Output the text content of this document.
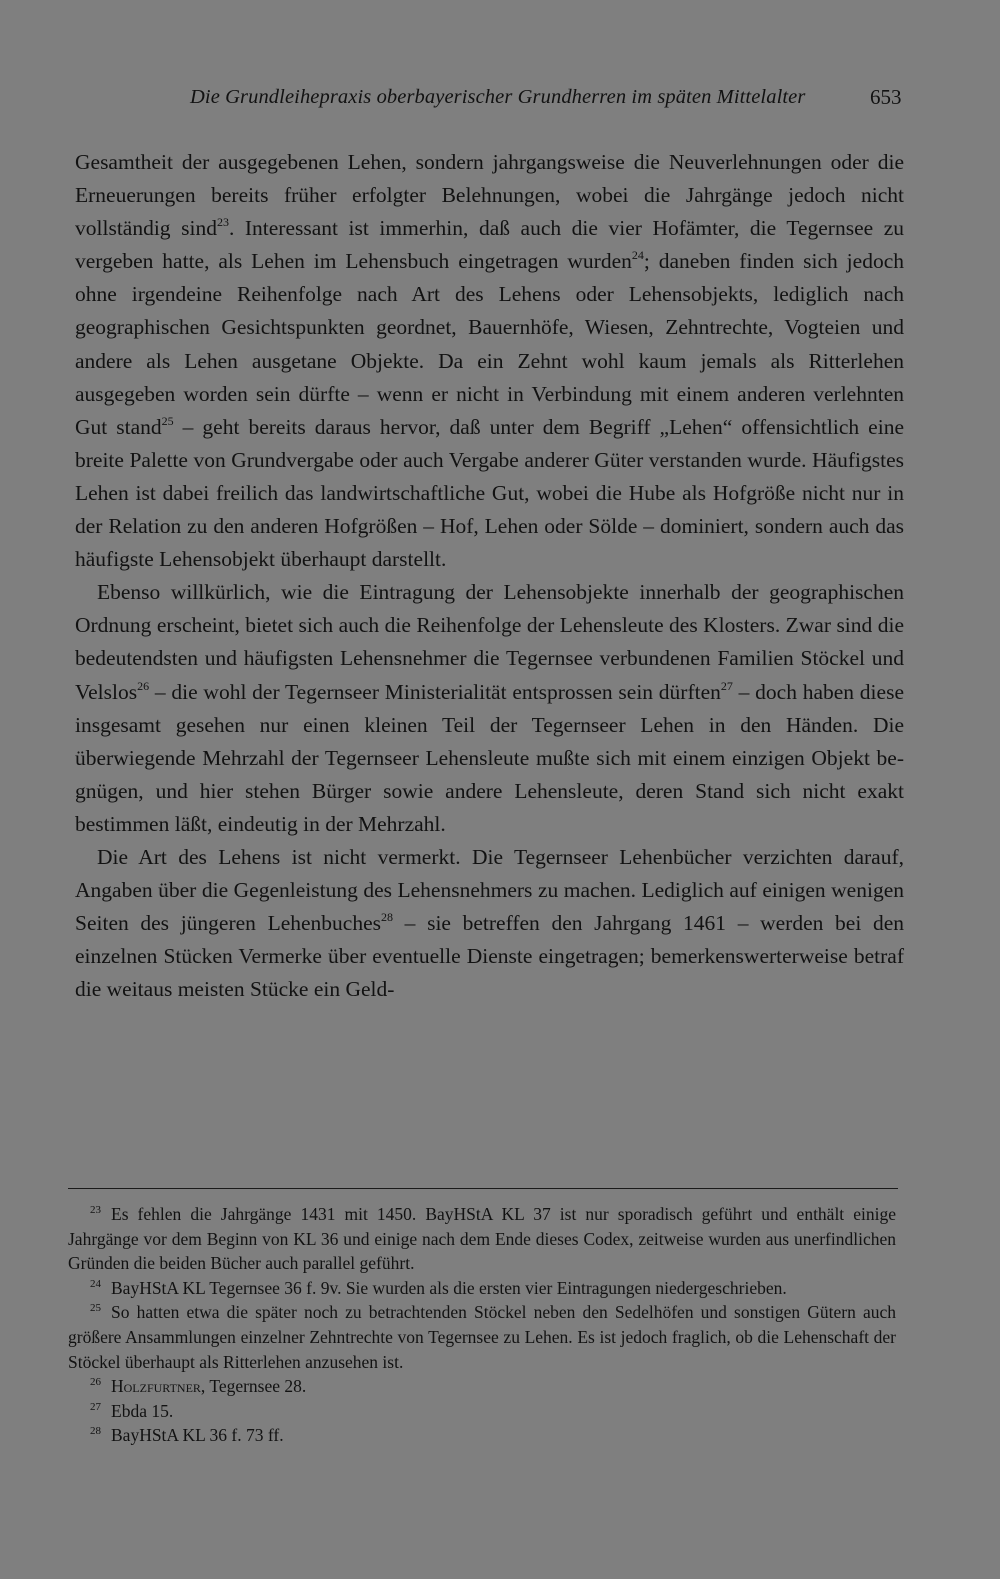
Die Grundleihepraxis oberbayerischer Grundherren im späten Mittelalter	653

Gesamtheit der ausgegebenen Lehen, sondern jahrgangsweise die Neuverlehnungen oder die Erneuerungen bereits früher erfolgter Belehnungen, wobei die Jahrgänge jedoch nicht vollständig sind$^{23}$. Interessant ist immerhin, daß auch die vier Hofämter, die Tegernsee zu vergeben hatte, als Lehen im Lehensbuch eingetragen wurden$^{24}$; daneben finden sich jedoch ohne irgendeine Reihenfolge nach Art des Lehens oder Lehensobjekts, lediglich nach geographischen Gesichtspunkten geordnet, Bauernhöfe, Wiesen, Zehntrechte, Vogteien und andere als Lehen ausgetane Objekte. Da ein Zehnt wohl kaum jemals als Ritterlehen ausgegeben worden sein dürfte – wenn er nicht in Verbindung mit einem anderen verlehnten Gut stand$^{25}$ – geht bereits daraus hervor, daß unter dem Begriff „Lehen“ offensichtlich eine breite Palette von Grundvergabe oder auch Vergabe anderer Güter verstanden wurde. Häufigstes Lehen ist dabei freilich das landwirtschaftliche Gut, wobei die Hube als Hofgröße nicht nur in der Relation zu den anderen Hofgrößen – Hof, Lehen oder Sölde – dominiert, sondern auch das häufigste Lehensobjekt überhaupt darstellt.

Ebenso willkürlich, wie die Eintragung der Lehensobjekte innerhalb der geographischen Ordnung erscheint, bietet sich auch die Reihenfolge der Lehensleute des Klosters. Zwar sind die bedeutendsten und häufigsten Lehensnehmer die Tegernsee verbundenen Familien Stöckel und Velslos$^{26}$ – die wohl der Tegernseer Ministerialität entsprossen sein dürften$^{27}$ – doch haben diese insgesamt gesehen nur einen kleinen Teil der Tegernseer Lehen in den Händen. Die überwiegende Mehrzahl der Tegernseer Lehensleute mußte sich mit einem einzigen Objekt begnügen, und hier stehen Bürger sowie andere Lehensleute, deren Stand sich nicht exakt bestimmen läßt, eindeutig in der Mehrzahl.

Die Art des Lehens ist nicht vermerkt. Die Tegernseer Lehenbücher verzichten darauf, Angaben über die Gegenleistung des Lehensnehmers zu machen. Lediglich auf einigen wenigen Seiten des jüngeren Lehenbuches$^{28}$ – sie betreffen den Jahrgang 1461 – werden bei den einzelnen Stücken Vermerke über eventuelle Dienste eingetragen; bemerkenswerterweise betraf die weitaus meisten Stücke ein Geld-

$^{23}$ Es fehlen die Jahrgänge 1431 mit 1450. BayHStA KL 37 ist nur sporadisch geführt und enthält einige Jahrgänge vor dem Beginn von KL 36 und einige nach dem Ende dieses Codex, zeitweise wurden aus unerfindlichen Gründen die beiden Bücher auch parallel geführt.

$^{24}$ BayHStA KL Tegernsee 36 f. 9v. Sie wurden als die ersten vier Eintragungen niedergeschrieben.

$^{25}$ So hatten etwa die später noch zu betrachtenden Stöckel neben den Sedelhöfen und sonstigen Gütern auch größere Ansammlungen einzelner Zehntrechte von Tegernsee zu Lehen. Es ist jedoch fraglich, ob die Lehenschaft der Stöckel überhaupt als Ritterlehen anzusehen ist.

$^{26}$ Holzfurtner, Tegernsee 28.

$^{27}$ Ebda 15.

$^{28}$ BayHStA KL 36 f. 73 ff.
